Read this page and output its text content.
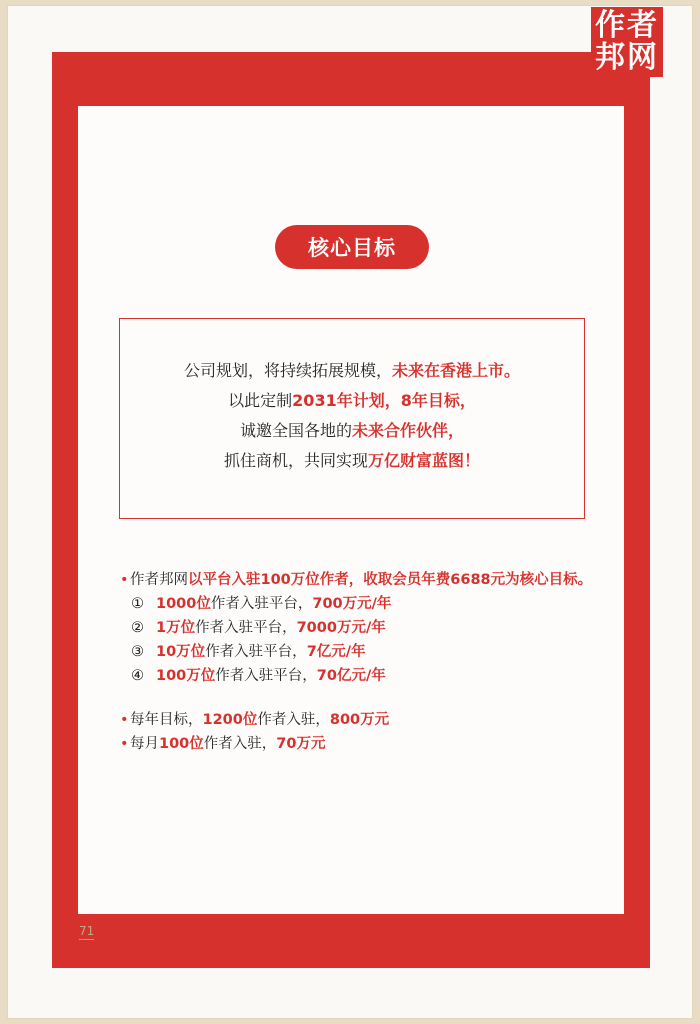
作者
邦网
核心目标
公司规划，将持续拓展规模，未来在香港上市。
以此定制2031年计划，8年目标，
诚邀全国各地的未来合作伙伴，
抓住商机，共同实现万亿财富蓝图！
• 作者邦网以平台入驻100万位作者，收取会员年费6688元为核心目标。
① 1000位作者入驻平台，700万元/年
② 1万位作者入驻平台，7000万元/年
③ 10万位作者入驻平台，7亿元/年
④ 100万位作者入驻平台，70亿元/年
• 每年目标，1200位作者入驻，800万元
• 每月100位作者入驻，70万元
71
